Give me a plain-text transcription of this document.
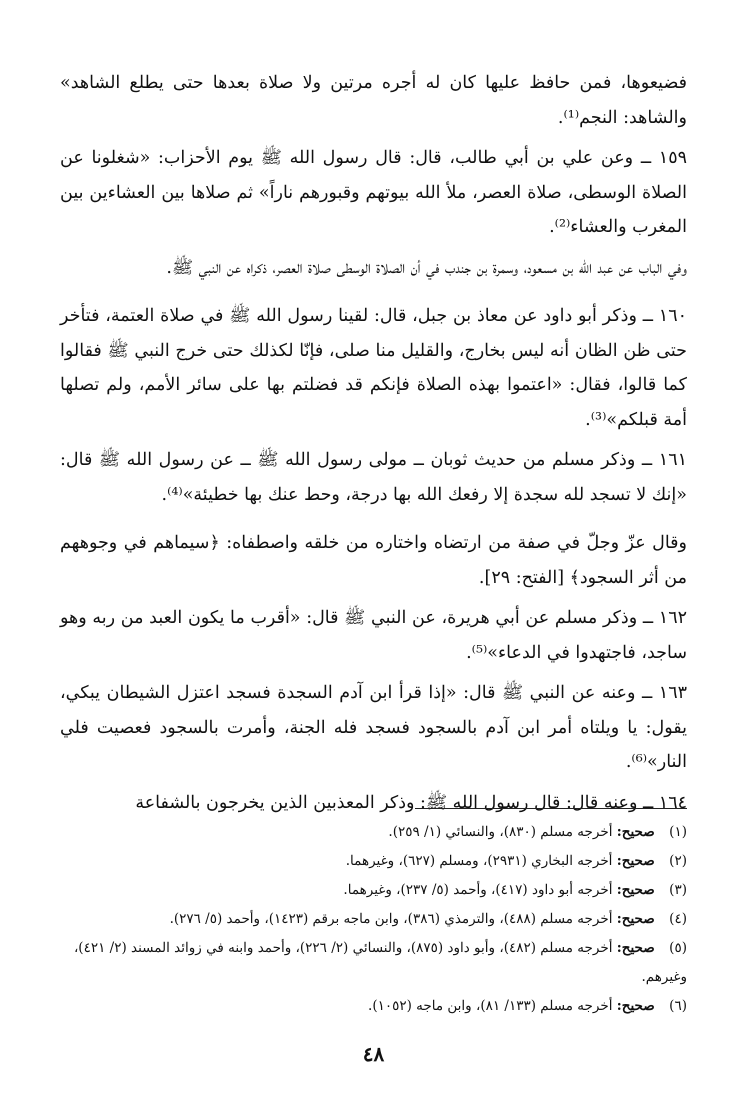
فضيعوها، فمن حافظ عليها كان له أجره مرتين ولا صلاة بعدها حتى يطلع الشاهد» والشاهد: النجم⁽¹⁾.

١٥٩ ــ وعن علي بن أبي طالب، قال: قال رسول الله ﷺ يوم الأحزاب: «شغلونا عن الصلاة الوسطى، صلاة العصر، ملأ الله بيوتهم وقبورهم ناراً» ثم صلاها بين العشاءين بين المغرب والعشاء⁽²⁾.

وفي الباب عن عبد الله بن مسعود، وسمرة بن جندب في أن الصلاة الوسطى صلاة العصر، ذكراه عن النبي ﷺ.

١٦٠ ــ وذكر أبو داود عن معاذ بن جبل، قال: لقينا رسول الله ﷺ في صلاة العتمة، فتأخر حتى ظن الظان أنه ليس بخارج، والقليل منا صلى، فإنّا لكذلك حتى خرج النبي ﷺ فقالوا كما قالوا، فقال: «اعتموا بهذه الصلاة فإنكم قد فضلتم بها على سائر الأمم، ولم تصلها أمة قبلكم»⁽³⁾.

١٦١ ــ وذكر مسلم من حديث ثوبان ــ مولى رسول الله ﷺ ــ عن رسول الله ﷺ قال: «إنك لا تسجد لله سجدة إلا رفعك الله بها درجة، وحط عنك بها خطيئة»⁽⁴⁾.

وقال عزّ وجلّ في صفة من ارتضاه واختاره من خلقه واصطفاه: ﴿سيماهم في وجوههم من أثر السجود﴾ [الفتح: ٢٩].

١٦٢ ــ وذكر مسلم عن أبي هريرة، عن النبي ﷺ قال: «أقرب ما يكون العبد من ربه وهو ساجد، فاجتهدوا في الدعاء»⁽⁵⁾.

١٦٣ ــ وعنه عن النبي ﷺ قال: «إذا قرأ ابن آدم السجدة فسجد اعتزل الشيطان يبكي، يقول: يا ويلتاه أمر ابن آدم بالسجود فسجد فله الجنة، وأمرت بالسجود فعصيت فلي النار»⁽⁶⁾.

١٦٤ ــ وعنه قال: قال رسول الله ﷺ: وذكر المعذبين الذين يخرجون بالشفاعة

(١) صحيح: أخرجه مسلم (٨٣٠)، والنسائي (١/ ٢٥٩).
(٢) صحيح: أخرجه البخاري (٢٩٣١)، ومسلم (٦٢٧)، وغيرهما.
(٣) صحيح: أخرجه أبو داود (٤١٧)، وأحمد (٥/ ٢٣٧)، وغيرهما.
(٤) صحيح: أخرجه مسلم (٤٨٨)، والترمذي (٣٨٦)، وابن ماجه برقم (١٤٢٣)، وأحمد (٥/ ٢٧٦).
(٥) صحيح: أخرجه مسلم (٤٨٢)، وأبو داود (٨٧٥)، والنسائي (٢/ ٢٢٦)، وأحمد وابنه في زوائد المسند (٢/ ٤٢١)، وغيرهم.
(٦) صحيح: أخرجه مسلم (١٣٣/ ٨١)، وابن ماجه (١٠٥٢).
٤٨
